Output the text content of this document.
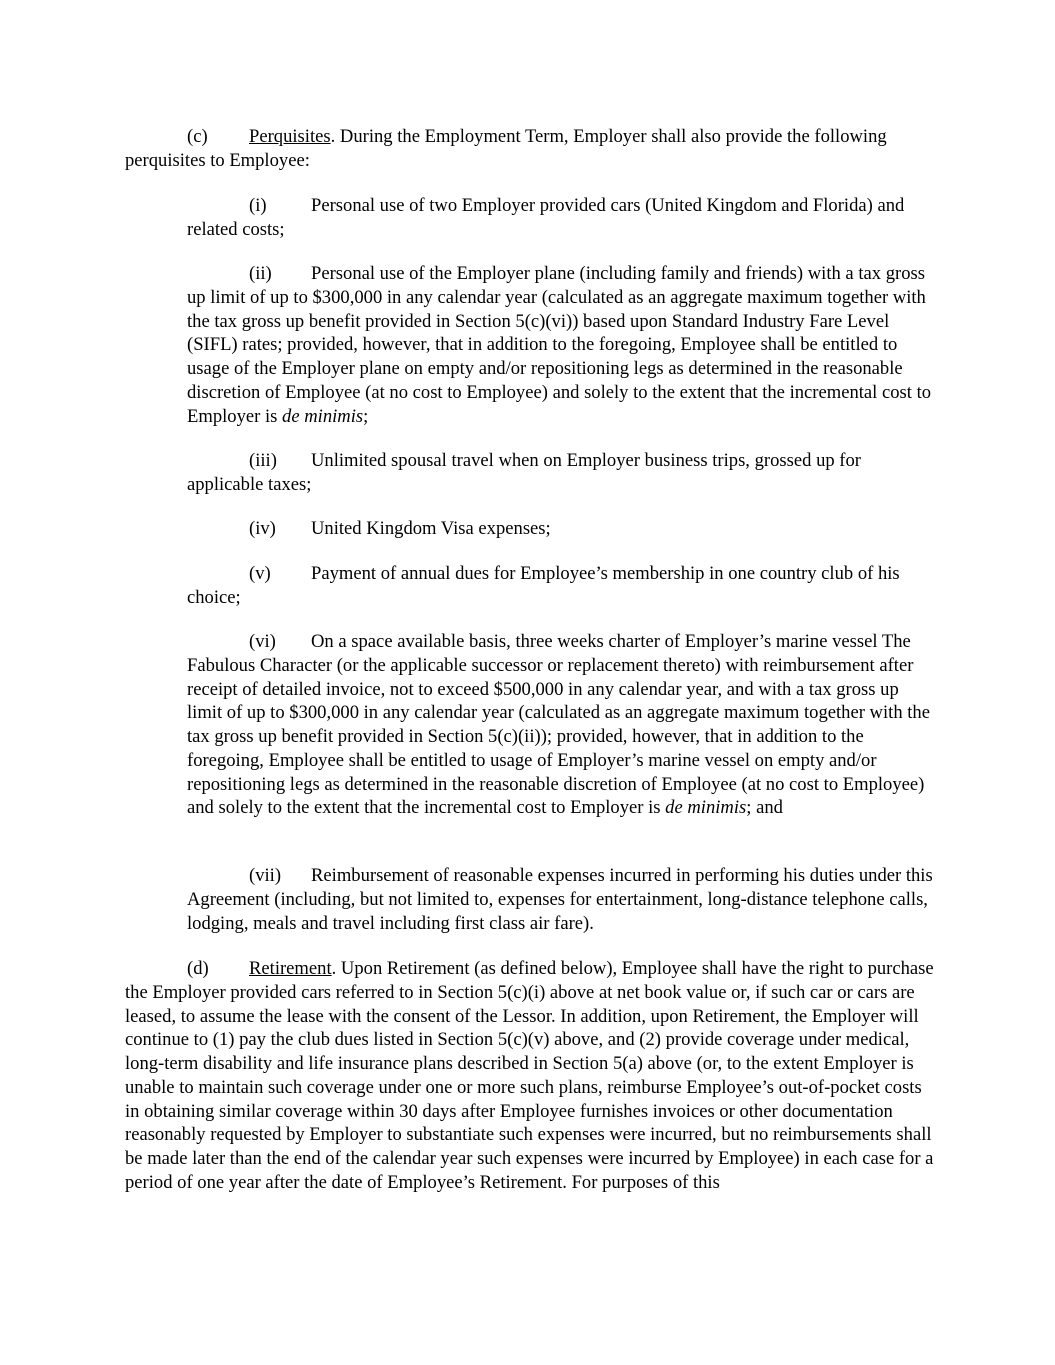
(c) Perquisites. During the Employment Term, Employer shall also provide the following perquisites to Employee:

(i) Personal use of two Employer provided cars (United Kingdom and Florida) and related costs;

(ii) Personal use of the Employer plane (including family and friends) with a tax gross up limit of up to $300,000 in any calendar year (calculated as an aggregate maximum together with the tax gross up benefit provided in Section 5(c)(vi)) based upon Standard Industry Fare Level (SIFL) rates; provided, however, that in addition to the foregoing, Employee shall be entitled to usage of the Employer plane on empty and/or repositioning legs as determined in the reasonable discretion of Employee (at no cost to Employee) and solely to the extent that the incremental cost to Employer is de minimis;

(iii) Unlimited spousal travel when on Employer business trips, grossed up for applicable taxes;

(iv) United Kingdom Visa expenses;

(v) Payment of annual dues for Employee’s membership in one country club of his choice;

(vi) On a space available basis, three weeks charter of Employer’s marine vessel The Fabulous Character (or the applicable successor or replacement thereto) with reimbursement after receipt of detailed invoice, not to exceed $500,000 in any calendar year, and with a tax gross up limit of up to $300,000 in any calendar year (calculated as an aggregate maximum together with the tax gross up benefit provided in Section 5(c)(ii)); provided, however, that in addition to the foregoing, Employee shall be entitled to usage of Employer’s marine vessel on empty and/or repositioning legs as determined in the reasonable discretion of Employee (at no cost to Employee) and solely to the extent that the incremental cost to Employer is de minimis; and

(vii) Reimbursement of reasonable expenses incurred in performing his duties under this Agreement (including, but not limited to, expenses for entertainment, long-distance telephone calls, lodging, meals and travel including first class air fare).

(d) Retirement. Upon Retirement (as defined below), Employee shall have the right to purchase the Employer provided cars referred to in Section 5(c)(i) above at net book value or, if such car or cars are leased, to assume the lease with the consent of the Lessor. In addition, upon Retirement, the Employer will continue to (1) pay the club dues listed in Section 5(c)(v) above, and (2) provide coverage under medical, long-term disability and life insurance plans described in Section 5(a) above (or, to the extent Employer is unable to maintain such coverage under one or more such plans, reimburse Employee’s out-of-pocket costs in obtaining similar coverage within 30 days after Employee furnishes invoices or other documentation reasonably requested by Employer to substantiate such expenses were incurred, but no reimbursements shall be made later than the end of the calendar year such expenses were incurred by Employee) in each case for a period of one year after the date of Employee’s Retirement. For purposes of this
